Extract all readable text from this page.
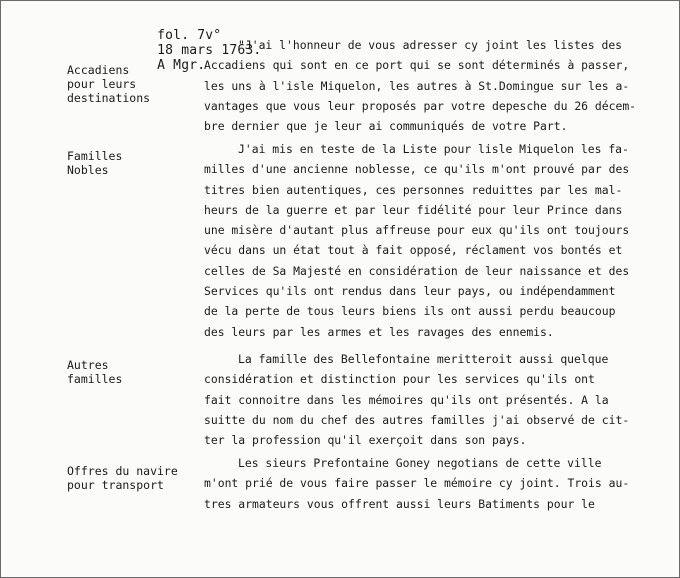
fol. 7v°
18 mars 1763.
A Mgr.

Accadiens
pour leurs
destinations
Familles
Nobles
Autres
familles
Offres du navire
pour transport
"J'ai l'honneur de vous adresser cy joint les listes des
Accadiens qui sont en ce port qui se sont déterminés à passer,
les uns à l'isle Miquelon, les autres à St.Domingue sur les a-
vantages que vous leur proposés par votre depesche du 26 décem-
bre dernier que je leur ai communiqués de votre Part.
J'ai mis en teste de la Liste pour lisle Miquelon les fa-
milles d'une ancienne noblesse, ce qu'ils m'ont prouvé par des
titres bien autentiques, ces personnes reduittes par les mal-
heurs de la guerre et par leur fidélité pour leur Prince dans
une misère d'autant plus affreuse pour eux qu'ils ont toujours
vécu dans un état tout à fait opposé, réclament vos bontés et
celles de Sa Majesté en considération de leur naissance et des
Services qu'ils ont rendus dans leur pays, ou indépendamment
de la perte de tous leurs biens ils ont aussi perdu beaucoup
des leurs par les armes et les ravages des ennemis.
La famille des Bellefontaine meritteroit aussi quelque
considération et distinction pour les services qu'ils ont
fait connoitre dans les mémoires qu'ils ont présentés. A la
suitte du nom du chef des autres familles j'ai observé de cit-
ter la profession qu'il exerçoit dans son pays.
Les sieurs Prefontaine Goney negotians de cette ville
m'ont prié de vous faire passer le mémoire cy joint. Trois au-
tres armateurs vous offrent aussi leurs Batiments pour le
